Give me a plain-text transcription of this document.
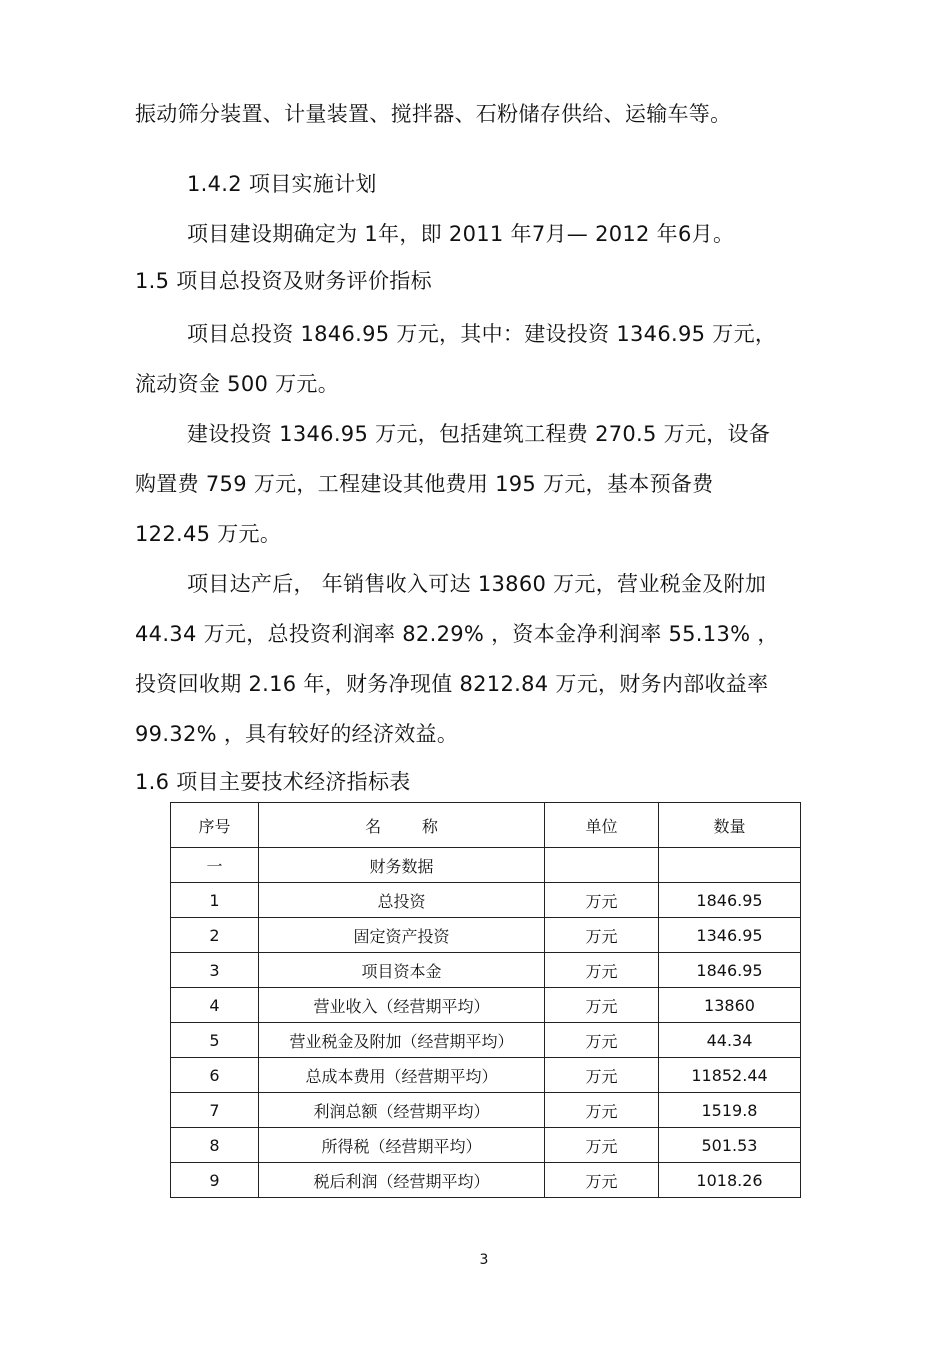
振动筛分装置、计量装置、搅拌器、石粉储存供给、运输车等。
1.4.2 项目实施计划
项目建设期确定为 1年，即 2011 年7月— 2012 年6月。
1.5 项目总投资及财务评价指标
项目总投资 1846.95 万元，其中：建设投资 1346.95 万元，
流动资金 500 万元。
建设投资 1346.95 万元，包括建筑工程费 270.5 万元，设备
购置费 759 万元，工程建设其他费用 195 万元，基本预备费
122.45 万元。
项目达产后， 年销售收入可达 13860 万元，营业税金及附加
44.34 万元，总投资利润率 82.29% ，资本金净利润率 55.13% ，
投资回收期 2.16 年，财务净现值 8212.84 万元，财务内部收益率
99.32% ，具有较好的经济效益。
1.6 项目主要技术经济指标表
序号	名        称	单位	数量
一	财务数据		
1	总投资	万元	1846.95
2	固定资产投资	万元	1346.95
3	项目资本金	万元	1846.95
4	营业收入（经营期平均）	万元	13860
5	营业税金及附加（经营期平均）	万元	44.34
6	总成本费用（经营期平均）	万元	11852.44
7	利润总额（经营期平均）	万元	1519.8
8	所得税（经营期平均）	万元	501.53
9	税后利润（经营期平均）	万元	1018.26
3
